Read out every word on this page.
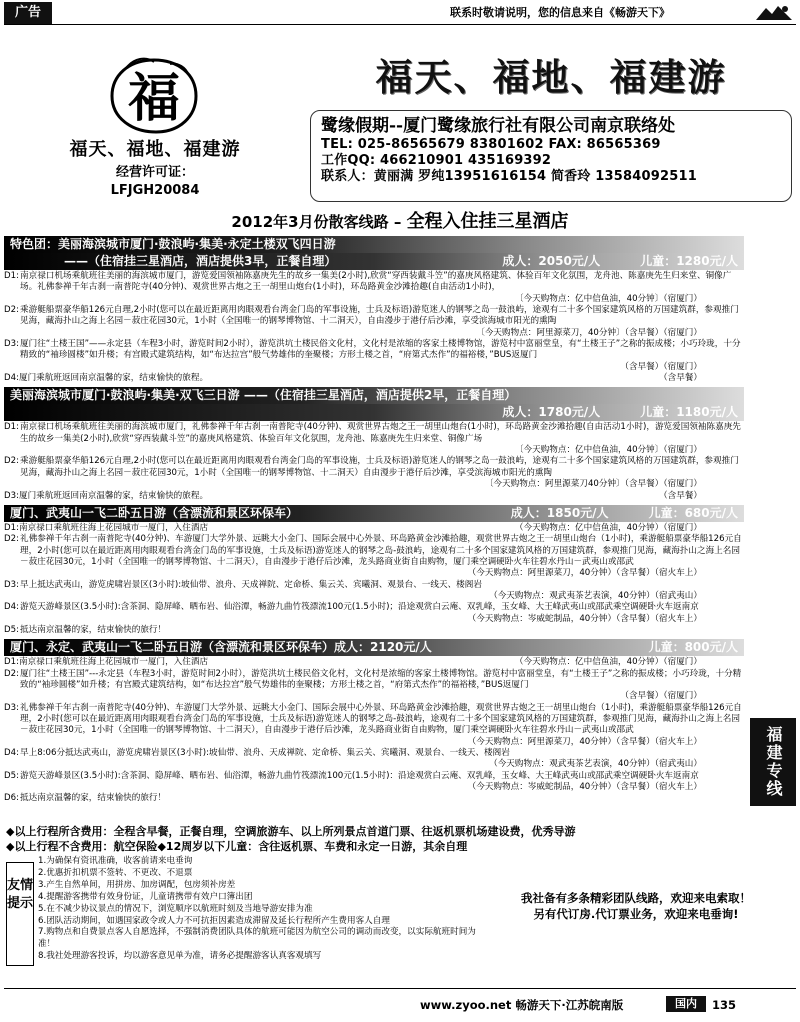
广告	联系时敬请说明，您的信息来自《畅游天下》
福
福天、福地、福建游
经营许可证：
LFJGH20084
福天、福地、福建游
鹭缘假期--厦门鹭缘旅行社有限公司南京联络处
TEL: 025-86565679 83801602 FAX: 86565369
工作QQ: 466210901 435169392
联系人：黄丽满 罗纯13951616154 简香玲 13584092511
2012年3月份散客线路 – 全程入住挂三星酒店
特色团：美丽海滨城市厦门·鼓浪屿·集美·永定土楼双飞四日游
——（住宿挂三星酒店，酒店提供3早，正餐自理）	成人：2050元/人	儿童：1280元/人
D1: 南京禄口机场乘航班往美丽的海滨城市厦门，游览爱国领袖陈嘉庚先生的故乡一集美(2小时),欣赏“穿西装戴斗笠”的嘉庚风格建筑、体验百年文化氛围，龙舟池、陈嘉庚先生归来堂、铜像广场。礼佛参禅千年古刹一南普陀寺(40分钟)、观赏世界古炮之王一胡里山炮台(1小时)，环岛路黄金沙滩拾趣(自由活动1小时)，
〔今天购物点：亿中信鱼油，40分钟〕（宿厦门）
D2: 乘游艇船票豪华船126元自理,2小时(您可以在最近距离用肉眼观看台湾金门岛的军事设施，士兵及标语)游览迷人的钢琴之岛一鼓浪屿，途观有二十多个国家建筑风格的万国建筑群，参观推门见海，藏海扑山之海上名园－菽庄花园30元，1小时（全国唯一的钢琴博物馆、十二洞天），自由漫步于港仔后沙滩，享受滨海城市阳光的熏陶
〔今天购物点：阿里源菜刀，40分钟〕（含早餐）（宿厦门）
D3: 厦门往“土楼王国”——永定县（车程3小时，游览时间2小时），游览洪坑土楼民俗文化村，文化村是浓缩的客家土楼博物馆，游览村中富丽堂皇，有“土楼王子”之称的振成楼；小巧玲珑，十分精致的“袖珍圆楼”如升楼；有宫殿式建筑结构，如“布达拉宫”般气势雄伟的奎聚楼；方形土楼之首，“府第式杰作”的福裕楼，”BUS返厦门
（含早餐）（宿厦门）
D4:厦门乘航班返回南京温馨的家，结束愉快的旅程。	（含早餐）
美丽海滨城市厦门·鼓浪屿·集美·双飞三日游 ——（住宿挂三星酒店，酒店提供2早，正餐自理）
成人：1780元/人	儿童：1180元/人
D1: 南京禄口机场乘航班往美丽的海滨城市厦门，礼佛参禅千年古刹一南普陀寺(40分钟)、观赏世界古炮之王一胡里山炮台(1小时)，环岛路黄金沙滩拾趣(自由活动1小时)，游览爱国领袖陈嘉庚先生的故乡一集美(2小时),欣赏“穿西装戴斗笠”的嘉庚风格建筑、体验百年文化氛围，龙舟池、陈嘉庚先生归来堂、铜像广场
〔今天购物点：亿中信鱼油，40分钟〕（宿厦门）
D2: 乘游艇船票豪华船126元自理,2小时(您可以在最近距离用肉眼观看台湾金门岛的军事设施，士兵及标语)游览迷人的钢琴之岛一鼓浪屿，途观有二十多个国家建筑风格的万国建筑群，参观推门见海，藏海扑山之海上名园－菽庄花园30元，1小时（全国唯一的钢琴博物馆、十二洞天）自由漫步于港仔后沙滩，享受滨海城市阳光的熏陶
〔今天购物点：阿里源菜刀40分钟〕（含早餐）（宿厦门）
D3:厦门乘航班返回南京温馨的家，结束愉快的旅程。	（含早餐）
厦门、武夷山一飞二卧五日游（含漂流和景区环保车）	成人：1850元/人	儿童：680元/人
D1:南京禄口乘航班往海上花园城市一厦门，入住酒店	（今天购物点：亿中信鱼油，40分钟）（宿厦门）
D2: 礼佛参禅千年古刹一南普陀寺(40分钟)、车游厦门大学外景、远眺大小金门、国际会展中心外景、环岛路黄金沙滩拾趣，观赏世界古炮之王一胡里山炮台（1小时)，乘游艇船票豪华船126元自理，2小时(您可以在最近距离用肉眼观看台湾金门岛的军事设施，士兵及标语)游览迷人的钢琴之岛-鼓浪屿，途观有二十多个国家建筑风格的万国建筑群，参观推门见海，藏海扑山之海上名园－菽庄花园30元，1小时（全国唯一的钢琴博物馆、十二洞天），自由漫步于港仔后沙滩，龙头路商业街自由购物，厦门乘空调硬卧火车往碧水丹山－武夷山或邵武
（今天购物点：阿里源菜刀，40分钟）（含早餐）（宿火车上）
D3: 早上抵达武夷山，游览虎啸岩景区(3小时):坡仙带、浪舟、天成禅院、定命桥、集云关、宾曦洞、观景台、一线天、楼阁岩
（今天购物点：观武夷茶艺表演，40分钟）（宿武夷山）
D4: 游览天游峰景区(3.5小时):含茶洞、隐屏峰、晒布岩、仙浴潭，畅游九曲竹筏漂流100元(1.5小时)；沿途观赏白云庵、双乳峰，玉女峰、大王峰武夷山或邵武乘空调硬卧火车返南京
（今天购物点：岑威蛇制品，40分钟）（含早餐）（宿火车上）
D5: 抵达南京温馨的家，结束愉快的旅行！
厦门、永定、武夷山一飞二卧五日游（含漂流和景区环保车）成人：2120元/人	儿童：800元/人
D1:南京禄口乘航班往海上花园城市一厦门，入住酒店	（今天购物点：亿中信鱼油，40分钟）（宿厦门）
D2: 厦门往“土楼王国”---永定县（车程3小时，游览时间2小时），游览洪坑土楼民俗文化村，文化村是浓缩的客家土楼博物馆。游览村中富丽堂皇，有“土楼王子”之称的振成楼；小巧玲珑，十分精致的“袖珍圆楼”如升楼；有宫殿式建筑结构，如“布达拉宫”般气势雄伟的奎聚楼；方形土楼之首，“府第式杰作”的福裕楼，”BUS返厦门
（含早餐）（宿厦门）
D3: 礼佛参禅千年古刹一南普陀寺(40分钟)、车游厦门大学外景、远眺大小金门、国际会展中心外景、环岛路黄金沙滩拾趣，观赏世界古炮之王一胡里山炮台（1小时)，乘游艇船票豪华船126元自理，2小时(您可以在最近距离用肉眼观看台湾金门岛的军事设施，士兵及标语)游览迷人的钢琴之岛-鼓浪屿，途观有二十多个国家建筑风格的万国建筑群，参观推门见海，藏海扑山之海上名园－菽庄花园30元，1小时（全国唯一的钢琴博物馆、十二洞天），自由漫步于港仔后沙滩，龙头路商业街自由购物，厦门乘空调硬卧火车往碧水丹山－武夷山或邵武
（今天购物点：阿里源菜刀，40分钟）（含早餐）（宿火车上）
D4: 早上8:06分抵达武夷山，游览虎啸岩景区(3小时):坡仙带、浪舟、天成禅院、定命桥、集云关、宾曦洞、观景台、一线天、楼阁岩
（今天购物点：观武夷茶艺表演，40分钟）（宿武夷山）
D5: 游览天游峰景区(3.5小时):含茶洞、隐屏峰、晒布岩、仙浴潭，畅游九曲竹筏漂流100元(1.5小时)：沿途观赏白云庵、双乳峰，玉女峰、大王峰武夷山或邵武乘空调硬卧火车返南京
（今天购物点：岑威蛇制品，40分钟）（含早餐）（宿火车上）
D6: 抵达南京温馨的家，结束愉快的旅行！
福建专线
◆以上行程所含费用：全程含早餐，正餐自理，空调旅游车、以上所列景点首道门票、往返机票机场建设费，优秀导游
◆以上行程不含费用：航空保险◆12周岁以下儿童：含往返机票、车费和永定一日游，其余自理
友情提示
1.为确保有资讯准确，收客前请来电垂询
2.优惠折扣机票不签转、不更改、不退票
3.产生自然单间，用拼房、加房调配，包房须补房差
4.提醒游客携带有效身份证，儿童请携带有效户口簿出团
5.在不减少协议景点的情况下，浏览顺序以航班时刻及当地导游安排为准
6.团队活动期间，如遇国家政令或人力不可抗拒因素造成滞留及延长行程所产生费用客人自理
7.购物点和自费景点客人自愿选择，不强制消费团队具体的航班可能因为航空公司的调动而改变，以实际航班时间为准！
8.我社处理游客投诉，均以游客意见单为准，请务必提醒游客认真客观填写
我社备有多条精彩团队线路，欢迎来电索取！
另有代订房.代订票业务，欢迎来电垂询!
www.zyoo.net 畅游天下·江苏皖南版	国内	135
